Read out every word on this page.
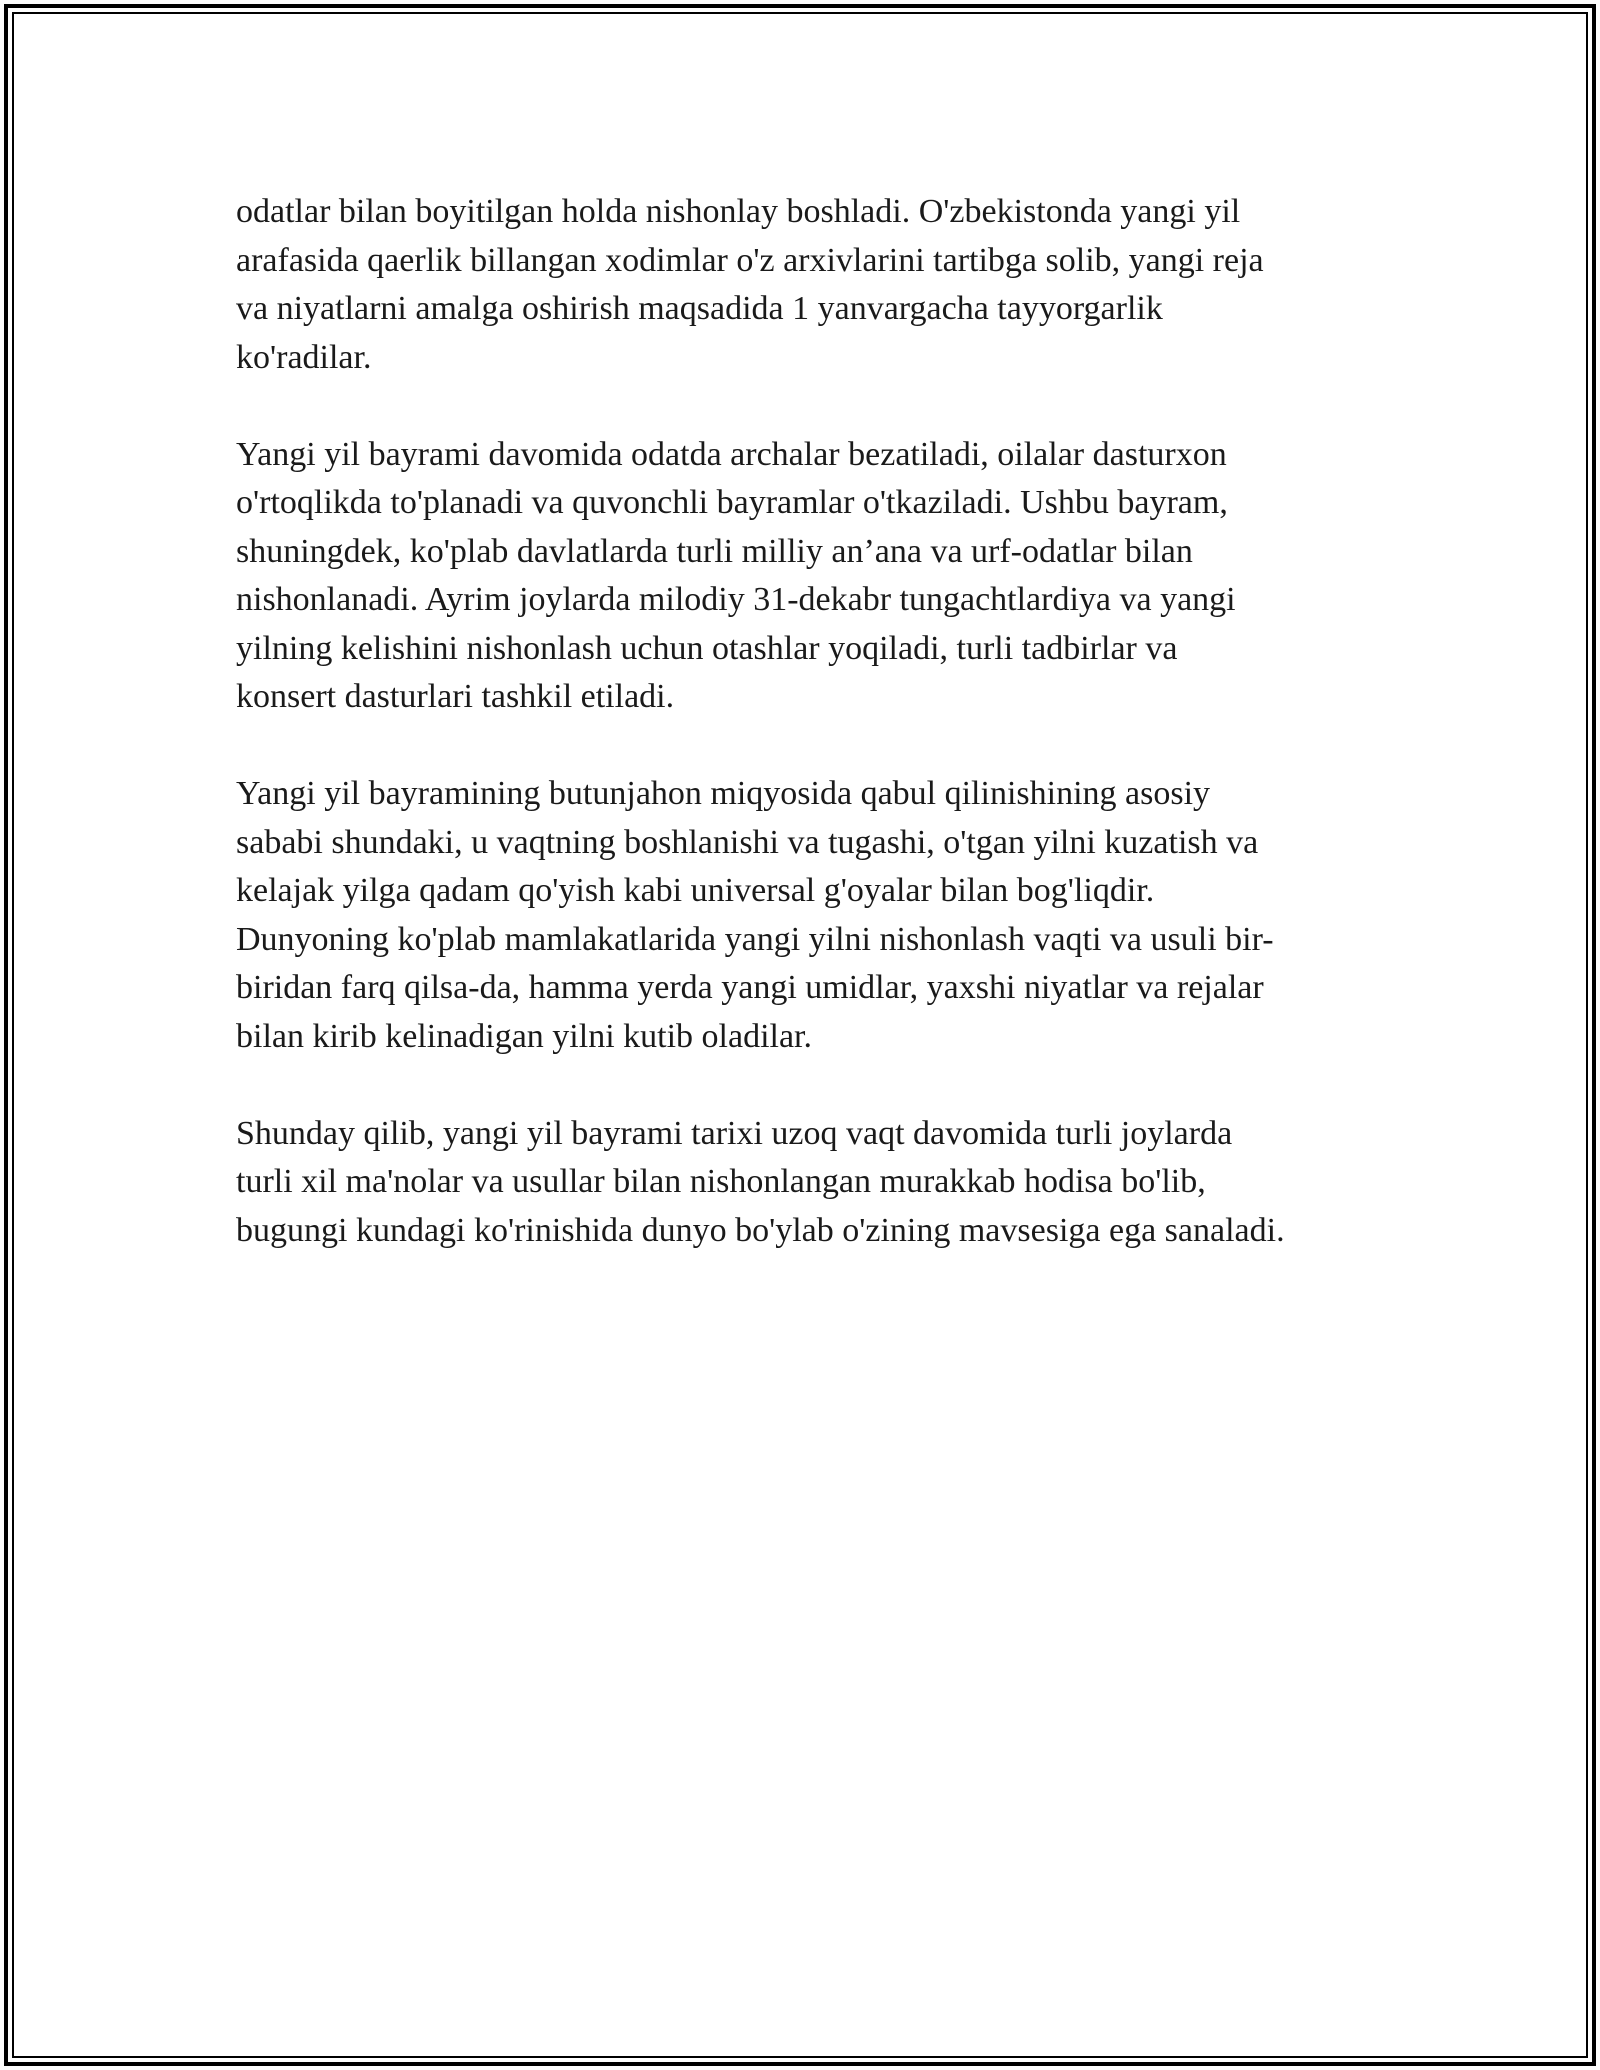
odatlar bilan boyitilgan holda nishonlay boshladi. O'zbekistonda yangi yil
arafasida qaerlik billangan xodimlar o'z arxivlarini tartibga solib, yangi reja
va niyatlarni amalga oshirish maqsadida 1 yanvargacha tayyorgarlik
ko'radilar.

Yangi yil bayrami davomida odatda archalar bezatiladi, oilalar dasturxon
o'rtoqlikda to'planadi va quvonchli bayramlar o'tkaziladi. Ushbu bayram,
shuningdek, ko'plab davlatlarda turli milliy an’ana va urf-odatlar bilan
nishonlanadi. Ayrim joylarda milodiy 31-dekabr tungachtlardiya va yangi
yilning kelishini nishonlash uchun otashlar yoqiladi, turli tadbirlar va
konsert dasturlari tashkil etiladi.

Yangi yil bayramining butunjahon miqyosida qabul qilinishining asosiy
sababi shundaki, u vaqtning boshlanishi va tugashi, o'tgan yilni kuzatish va
kelajak yilga qadam qo'yish kabi universal g'oyalar bilan bog'liqdir.
Dunyoning ko'plab mamlakatlarida yangi yilni nishonlash vaqti va usuli bir-
biridan farq qilsa-da, hamma yerda yangi umidlar, yaxshi niyatlar va rejalar
bilan kirib kelinadigan yilni kutib oladilar.

Shunday qilib, yangi yil bayrami tarixi uzoq vaqt davomida turli joylarda
turli xil ma'nolar va usullar bilan nishonlangan murakkab hodisa bo'lib,
bugungi kundagi ko'rinishida dunyo bo'ylab o'zining mavsesiga ega sanaladi.
